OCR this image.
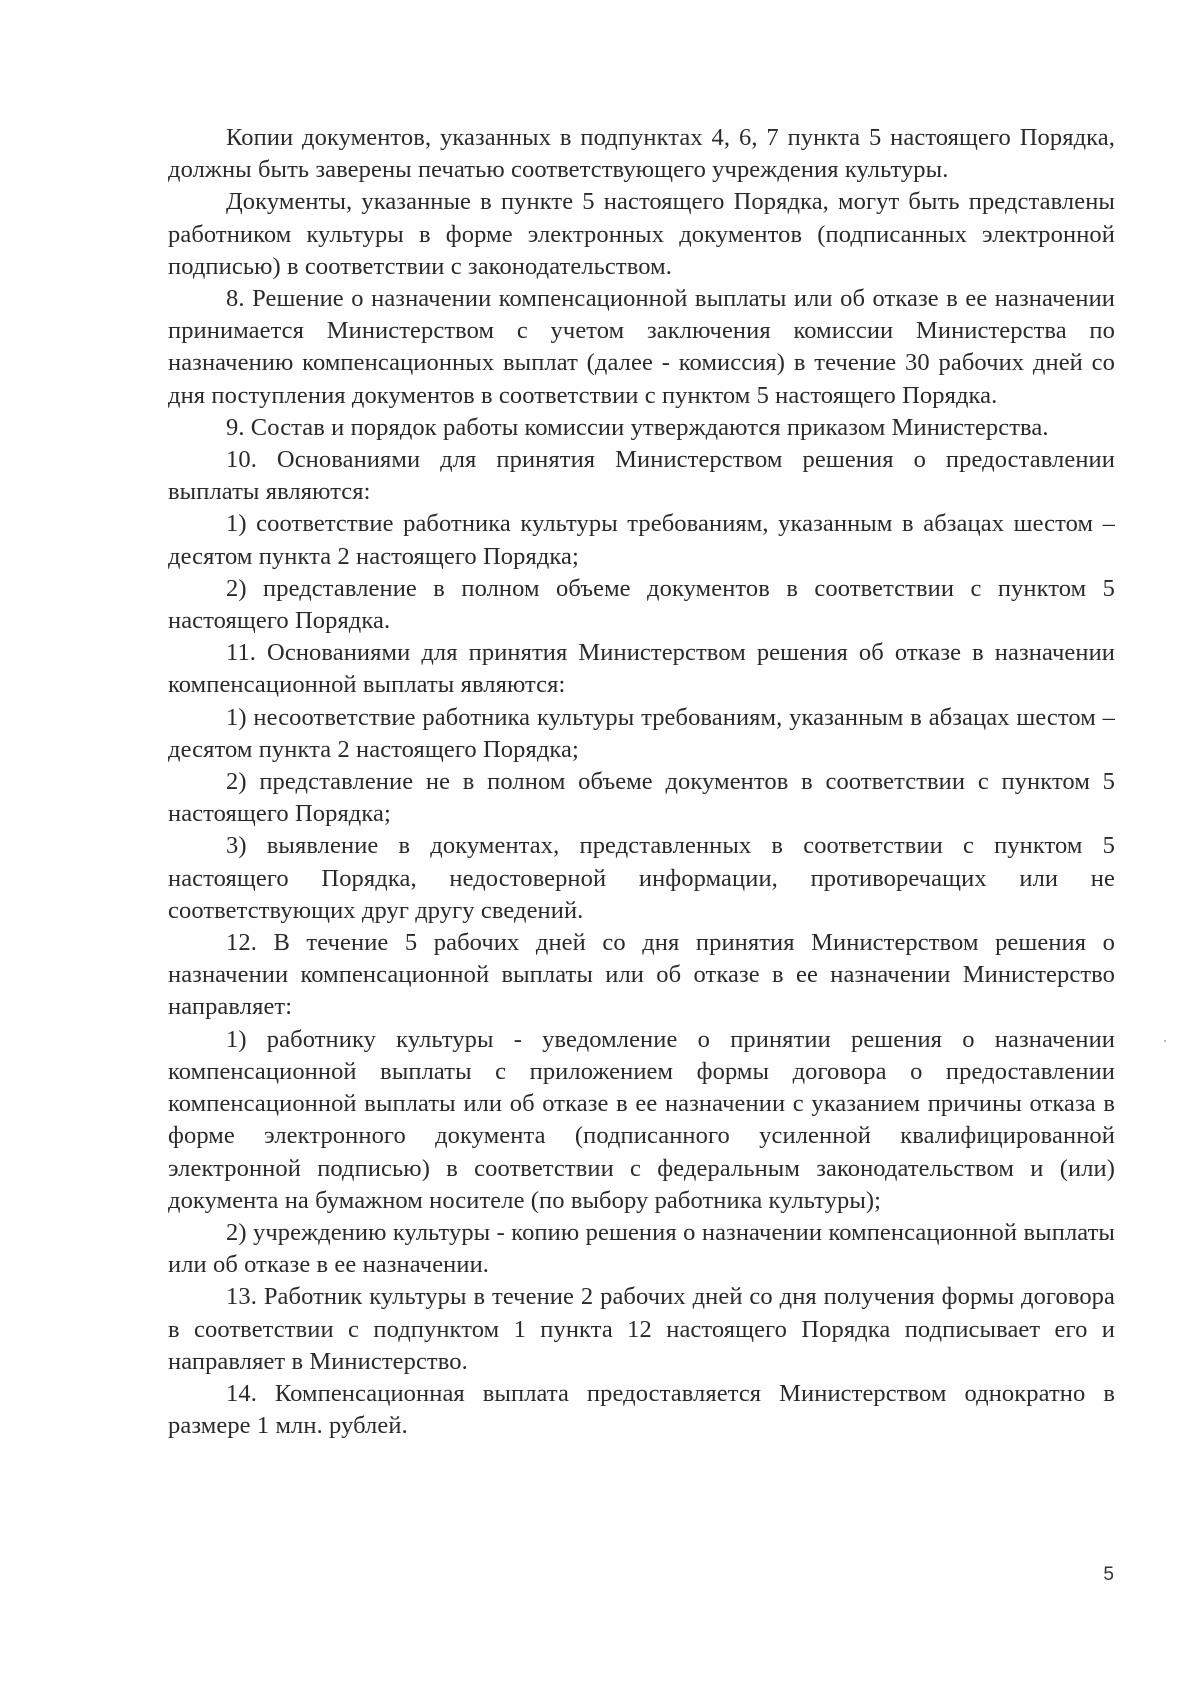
Копии документов, указанных в подпунктах 4, 6, 7 пункта 5 настоящего Порядка, должны быть заверены печатью соответствующего учреждения культуры.

Документы, указанные в пункте 5 настоящего Порядка, могут быть представлены работником культуры в форме электронных документов (подписанных электронной подписью) в соответствии с законодательством.

8. Решение о назначении компенсационной выплаты или об отказе в ее назначении принимается Министерством с учетом заключения комиссии Министерства по назначению компенсационных выплат (далее - комиссия) в течение 30 рабочих дней со дня поступления документов в соответствии с пунктом 5 настоящего Порядка.

9. Состав и порядок работы комиссии утверждаются приказом Министерства.

10. Основаниями для принятия Министерством решения о предоставлении выплаты являются:

1) соответствие работника культуры требованиям, указанным в абзацах шестом – десятом пункта 2 настоящего Порядка;

2) представление в полном объеме документов в соответствии с пунктом 5 настоящего Порядка.

11. Основаниями для принятия Министерством решения об отказе в назначении компенсационной выплаты являются:

1) несоответствие работника культуры требованиям, указанным в абзацах шестом – десятом пункта 2 настоящего Порядка;

2) представление не в полном объеме документов в соответствии с пунктом 5 настоящего Порядка;

3) выявление в документах, представленных в соответствии с пунктом 5 настоящего Порядка, недостоверной информации, противоречащих или не соответствующих друг другу сведений.

12. В течение 5 рабочих дней со дня принятия Министерством решения о назначении компенсационной выплаты или об отказе в ее назначении Министерство направляет:

1) работнику культуры - уведомление о принятии решения о назначении компенсационной выплаты с приложением формы договора о предоставлении компенсационной выплаты или об отказе в ее назначении с указанием причины отказа в форме электронного документа (подписанного усиленной квалифицированной электронной подписью) в соответствии с федеральным законодательством и (или) документа на бумажном носителе (по выбору работника культуры);

2) учреждению культуры - копию решения о назначении компенсационной выплаты или об отказе в ее назначении.

13. Работник культуры в течение 2 рабочих дней со дня получения формы договора в соответствии с подпунктом 1 пункта 12 настоящего Порядка подписывает его и направляет в Министерство.

14. Компенсационная выплата предоставляется Министерством однократно в размере 1 млн. рублей.

5
